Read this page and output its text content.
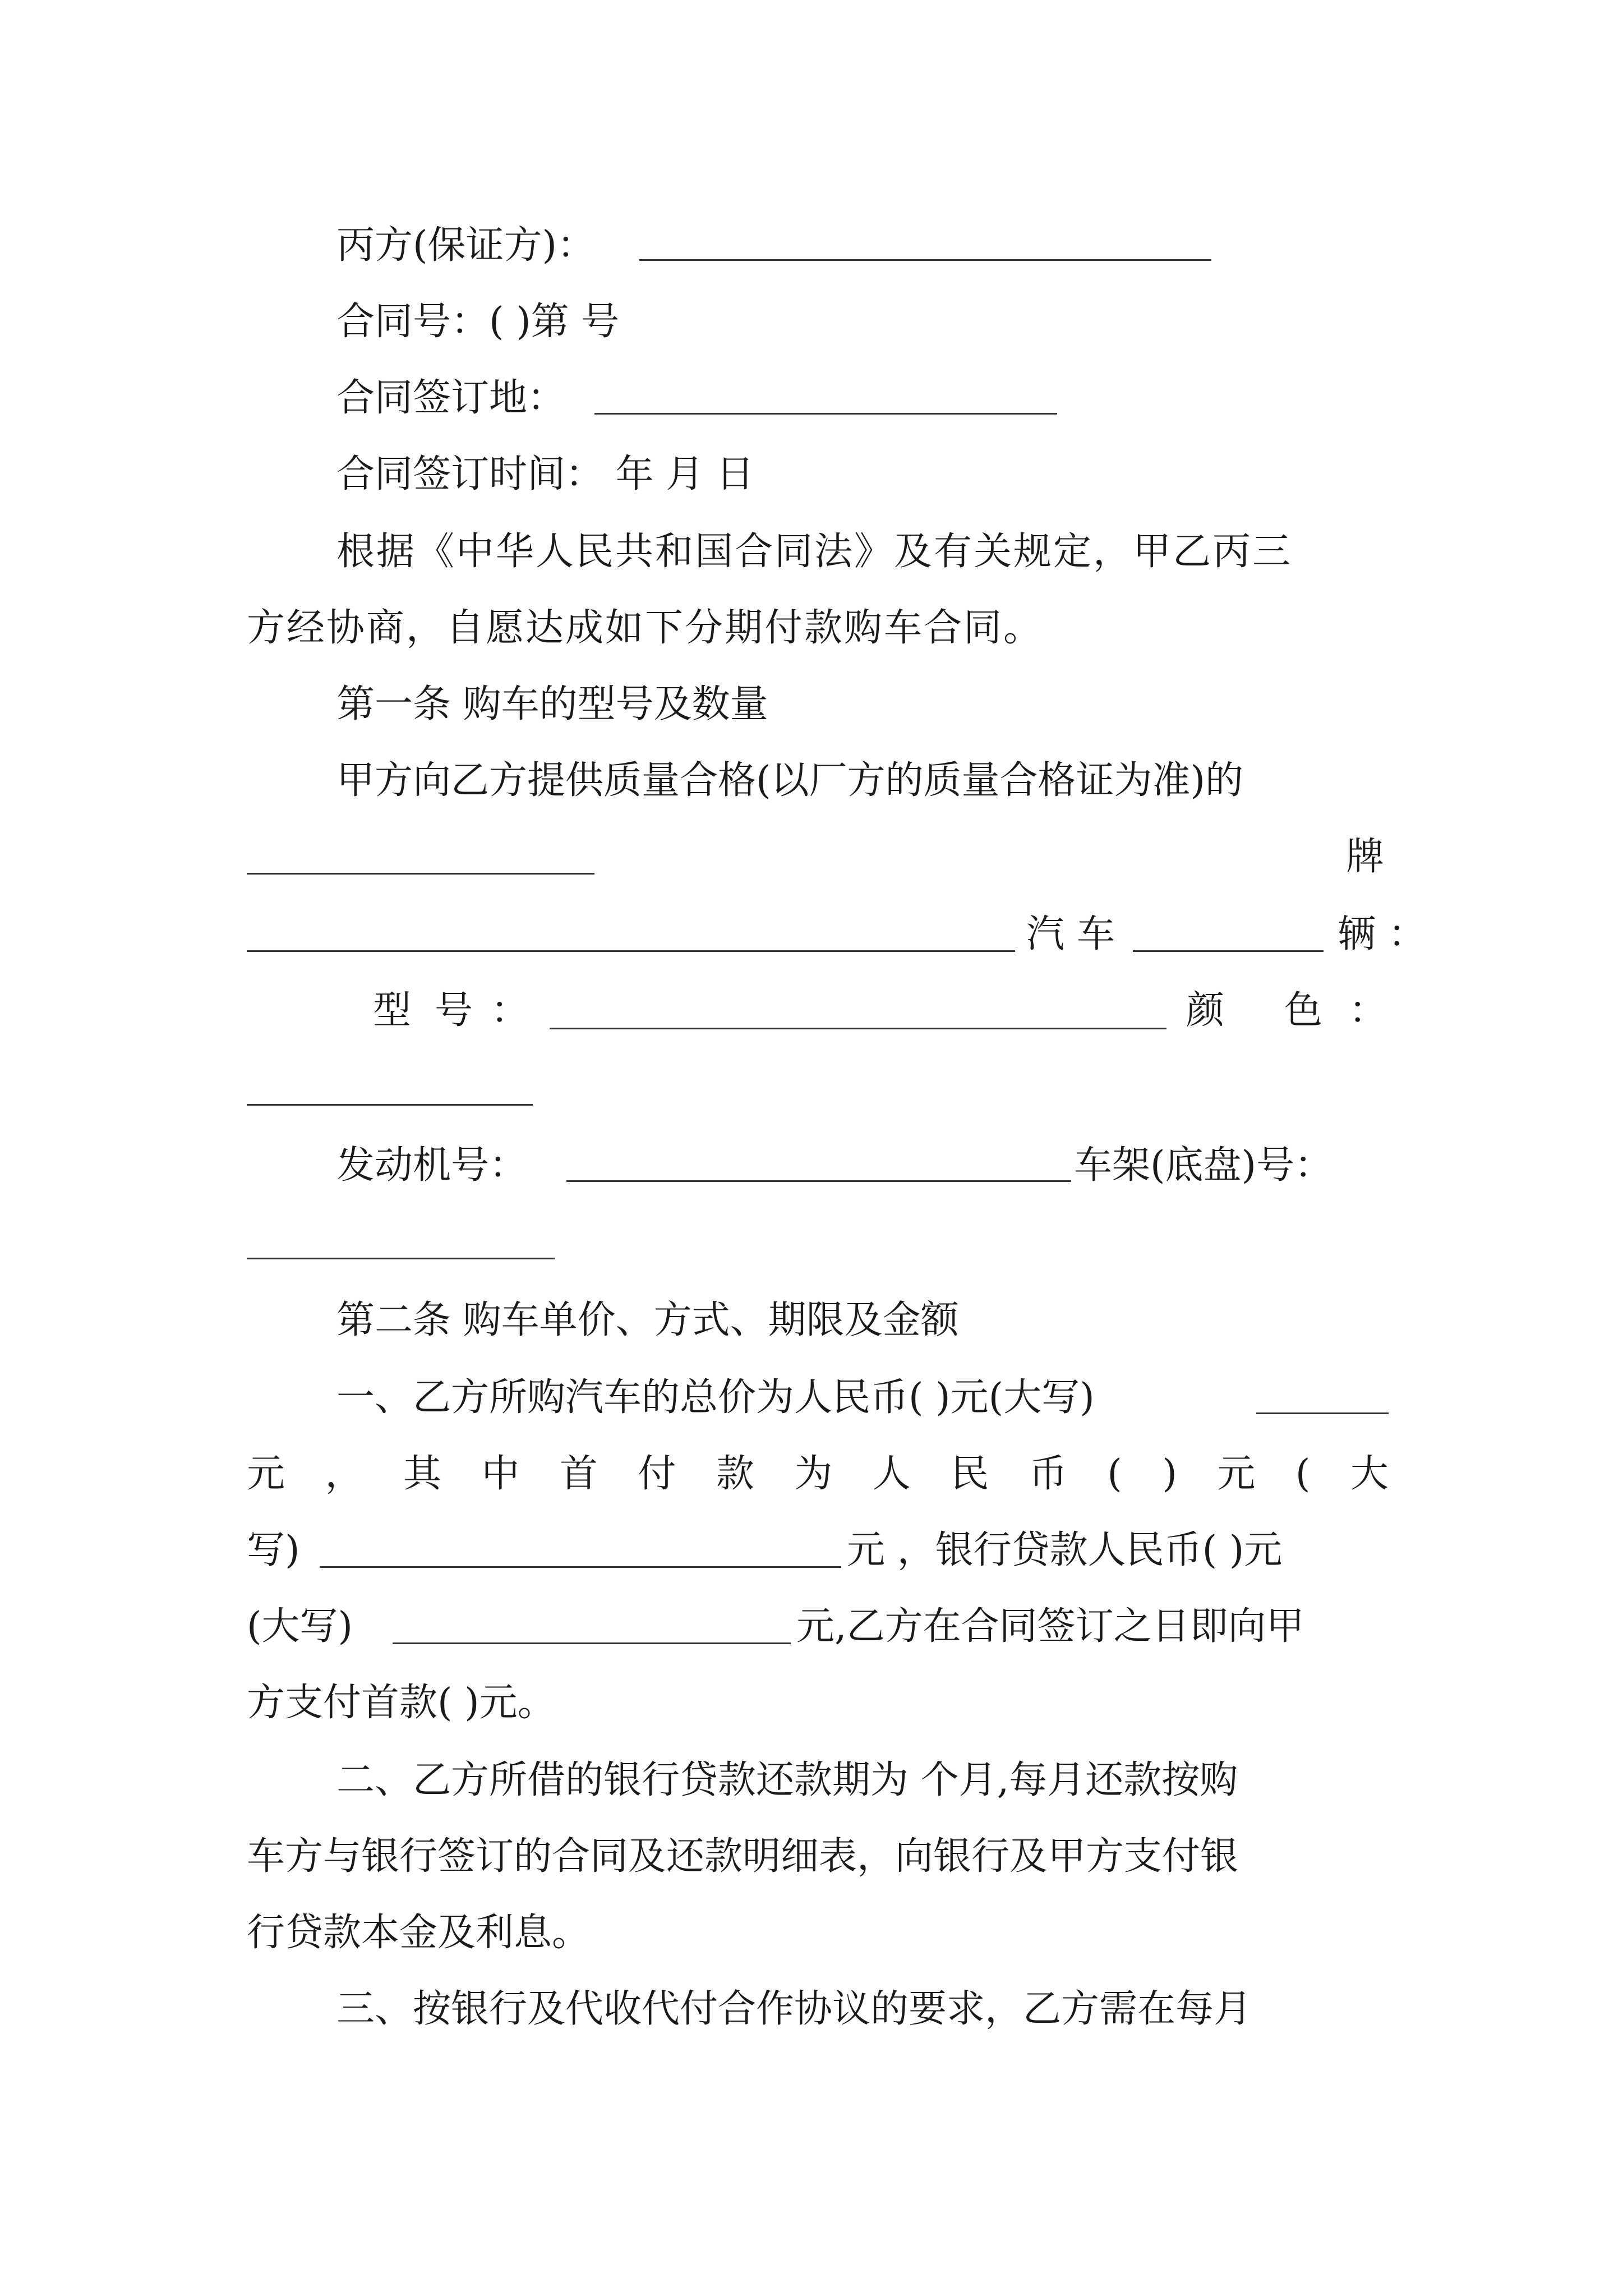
丙方(保证方)：
合同号：( )第 号
合同签订地：
合同签订时间： 年 月 日
根据《中华人民共和国合同法》及有关规定，甲乙丙三
方经协商，自愿达成如下分期付款购车合同。
第一条 购车的型号及数量
甲方向乙方提供质量合格(以厂方的质量合格证为准)的
牌
汽车	辆：
型 号 ：	颜 色 ：
发动机号：	车架(底盘)号：
第二条 购车单价、方式、期限及金额
一、乙方所购汽车的总价为人民币( )元(大写)
元 ， 其 中 首 付 款 为 人 民 币 ( ) 元 ( 大
写)	元 ，银行贷款人民币( )元
(大写)	元,乙方在合同签订之日即向甲
方支付首款( )元。
二、乙方所借的银行贷款还款期为 个月,每月还款按购
车方与银行签订的合同及还款明细表，向银行及甲方支付银
行贷款本金及利息。
三、按银行及代收代付合作协议的要求，乙方需在每月
